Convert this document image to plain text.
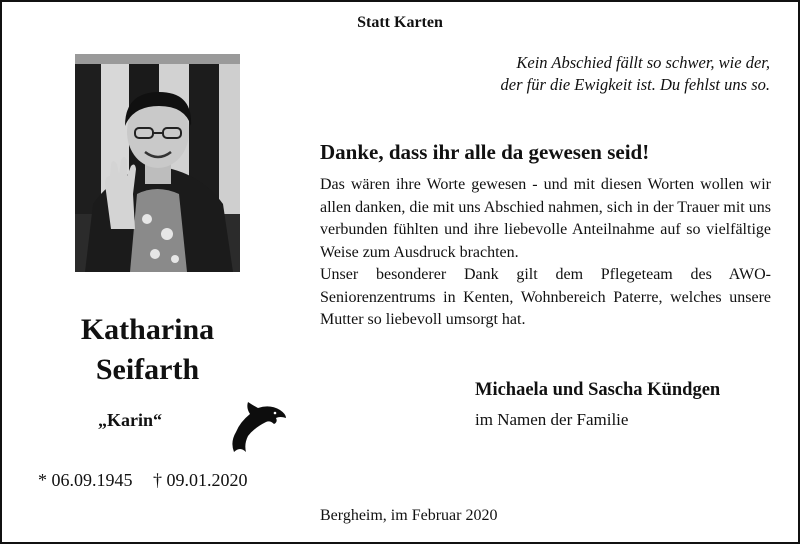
Statt Karten
Kein Abschied fällt so schwer, wie der,
der für die Ewigkeit ist. Du fehlst uns so.
Danke, dass ihr alle da gewesen seid!

Das wären ihre Worte gewesen - und mit diesen Worten wollen wir allen danken, die mit uns Abschied nahmen, sich in der Trauer mit uns verbunden fühlten und ihre liebevolle Anteilnahme auf so vielfältige Weise zum Ausdruck brachten.

Unser besonderer Dank gilt dem Pflegeteam des AWO-Seniorenzentrums in Kenten, Wohnbereich Paterre, welches unsere Mutter so liebevoll umsorgt hat.

Katharina
Seifarth
„Karin“
* 06.09.1945 † 09.01.2020
Michaela und Sascha Kündgen
im Namen der Familie
Bergheim, im Februar 2020
